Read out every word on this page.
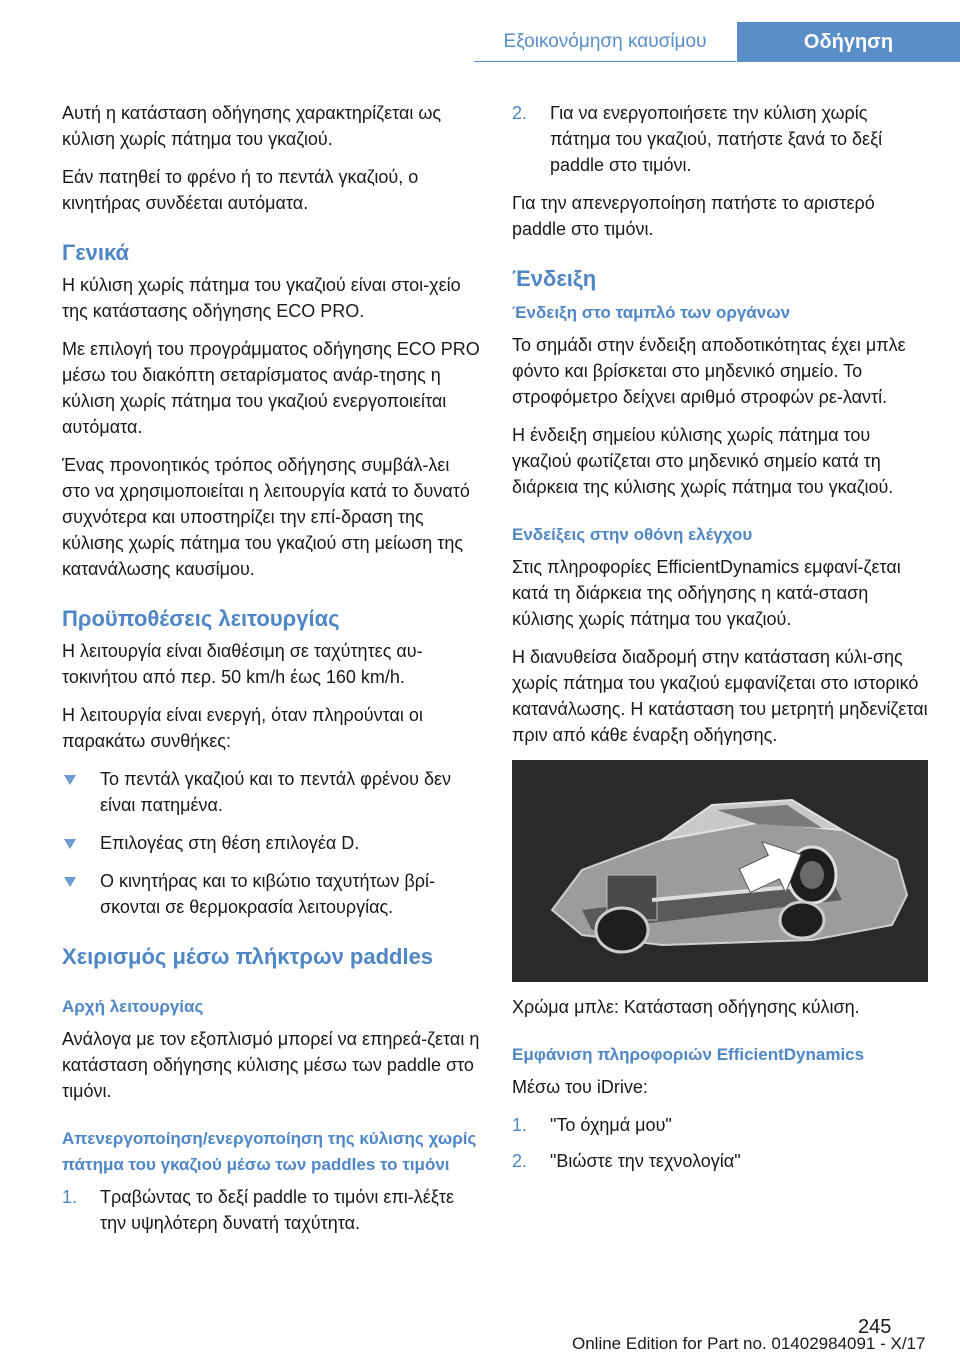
Εξοικονόμηση καυσίμου	Οδήγηση

Αυτή η κατάσταση οδήγησης χαρακτηρίζεται ως κύλιση χωρίς πάτημα του γκαζιού.

Εάν πατηθεί το φρένο ή το πεντάλ γκαζιού, ο κινητήρας συνδέεται αυτόματα.

Γενικά

Η κύλιση χωρίς πάτημα του γκαζιού είναι στοι-χείο της κατάστασης οδήγησης ECO PRO.

Με επιλογή του προγράμματος οδήγησης ECO PRO μέσω του διακόπτη σεταρίσματος ανάρ-τησης η κύλιση χωρίς πάτημα του γκαζιού ενεργοποιείται αυτόματα.

Ένας προνοητικός τρόπος οδήγησης συμβάλ-λει στο να χρησιμοποιείται η λειτουργία κατά το δυνατό συχνότερα και υποστηρίζει την επί-δραση της κύλισης χωρίς πάτημα του γκαζιού στη μείωση της κατανάλωσης καυσίμου.

Προϋποθέσεις λειτουργίας

Η λειτουργία είναι διαθέσιμη σε ταχύτητες αυ-τοκινήτου από περ. 50 km/h έως 160 km/h.

Η λειτουργία είναι ενεργή, όταν πληρούνται οι παρακάτω συνθήκες:

Το πεντάλ γκαζιού και το πεντάλ φρένου δεν είναι πατημένα.
Επιλογέας στη θέση επιλογέα D.
Ο κινητήρας και το κιβώτιο ταχυτήτων βρί-σκονται σε θερμοκρασία λειτουργίας.
Χειρισμός μέσω πλήκτρων paddles
Αρχή λειτουργίας

Ανάλογα με τον εξοπλισμό μπορεί να επηρεά-ζεται η κατάσταση οδήγησης κύλισης μέσω των paddle στο τιμόνι.

Απενεργοποίηση/ενεργοποίηση της κύλισης χωρίς πάτημα του γκαζιού μέσω των paddles το τιμόνι
1. Τραβώντας το δεξί paddle το τιμόνι επι-λέξτε την υψηλότερη δυνατή ταχύτητα.
2. Για να ενεργοποιήσετε την κύλιση χωρίς πάτημα του γκαζιού, πατήστε ξανά το δεξί paddle στο τιμόνι.

Για την απενεργοποίηση πατήστε το αριστερό paddle στο τιμόνι.

Ένδειξη
Ένδειξη στο ταμπλό των οργάνων

Το σημάδι στην ένδειξη αποδοτικότητας έχει μπλε φόντο και βρίσκεται στο μηδενικό σημείο. Το στροφόμετρο δείχνει αριθμό στροφών ρε-λαντί.

Η ένδειξη σημείου κύλισης χωρίς πάτημα του γκαζιού φωτίζεται στο μηδενικό σημείο κατά τη διάρκεια της κύλισης χωρίς πάτημα του γκαζιού.

Ενδείξεις στην οθόνη ελέγχου

Στις πληροφορίες EfficientDynamics εμφανί-ζεται κατά τη διάρκεια της οδήγησης η κατά-σταση κύλισης χωρίς πάτημα του γκαζιού.

Η διανυθείσα διαδρομή στην κατάσταση κύλι-σης χωρίς πάτημα του γκαζιού εμφανίζεται στο ιστορικό κατανάλωσης. Η κατάσταση του μετρητή μηδενίζεται πριν από κάθε έναρξη οδήγησης.

Χρώμα μπλε: Κατάσταση οδήγησης κύλιση.

Εμφάνιση πληροφοριών EfficientDynamics

Μέσω του iDrive:

1. "Το όχημά μου"
2. "Βιώστε την τεχνολογία"
245
Online Edition for Part no. 01402984091 - X/17
